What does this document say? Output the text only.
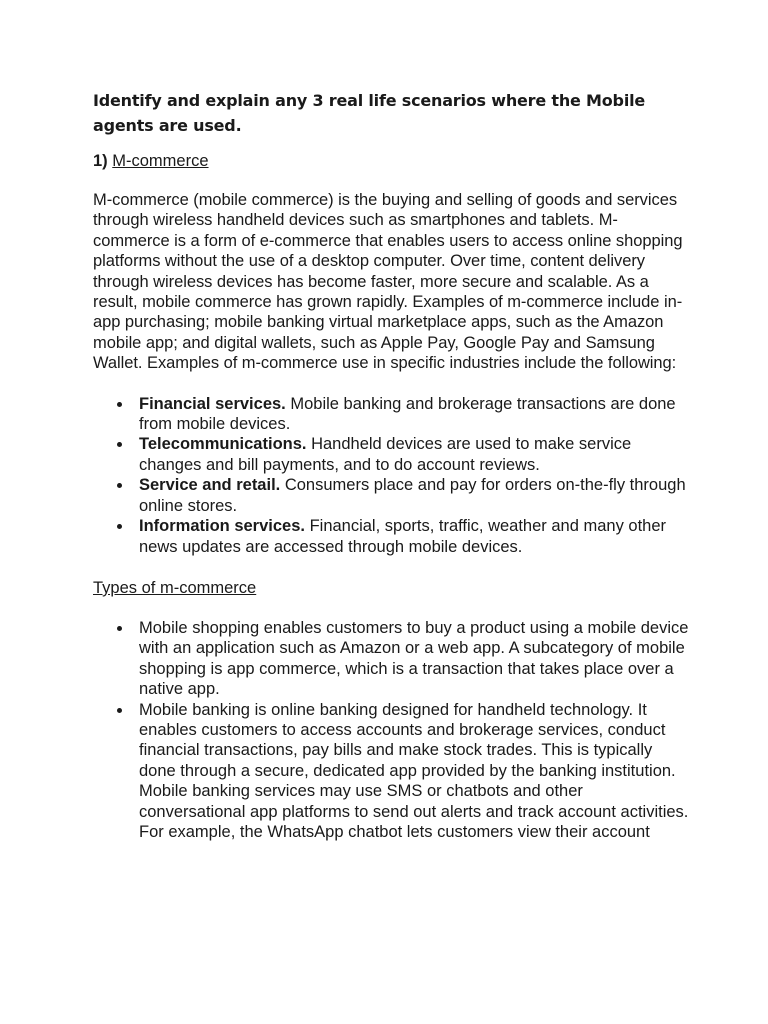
Identify and explain any 3 real life scenarios where the Mobile agents are used.

1) M-commerce

M-commerce (mobile commerce) is the buying and selling of goods and services through wireless handheld devices such as smartphones and tablets. M-commerce is a form of e-commerce that enables users to access online shopping platforms without the use of a desktop computer. Over time, content delivery through wireless devices has become faster, more secure and scalable. As a result, mobile commerce has grown rapidly. Examples of m-commerce include in-app purchasing; mobile banking virtual marketplace apps, such as the Amazon mobile app; and digital wallets, such as Apple Pay, Google Pay and Samsung Wallet. Examples of m-commerce use in specific industries include the following:

Financial services. Mobile banking and brokerage transactions are done from mobile devices.
Telecommunications. Handheld devices are used to make service changes and bill payments, and to do account reviews.
Service and retail. Consumers place and pay for orders on-the-fly through online stores.
Information services. Financial, sports, traffic, weather and many other news updates are accessed through mobile devices.

Types of m-commerce

Mobile shopping enables customers to buy a product using a mobile device with an application such as Amazon or a web app. A subcategory of mobile shopping is app commerce, which is a transaction that takes place over a native app.
Mobile banking is online banking designed for handheld technology. It enables customers to access accounts and brokerage services, conduct financial transactions, pay bills and make stock trades. This is typically done through a secure, dedicated app provided by the banking institution. Mobile banking services may use SMS or chatbots and other conversational app platforms to send out alerts and track account activities. For example, the WhatsApp chatbot lets customers view their account
